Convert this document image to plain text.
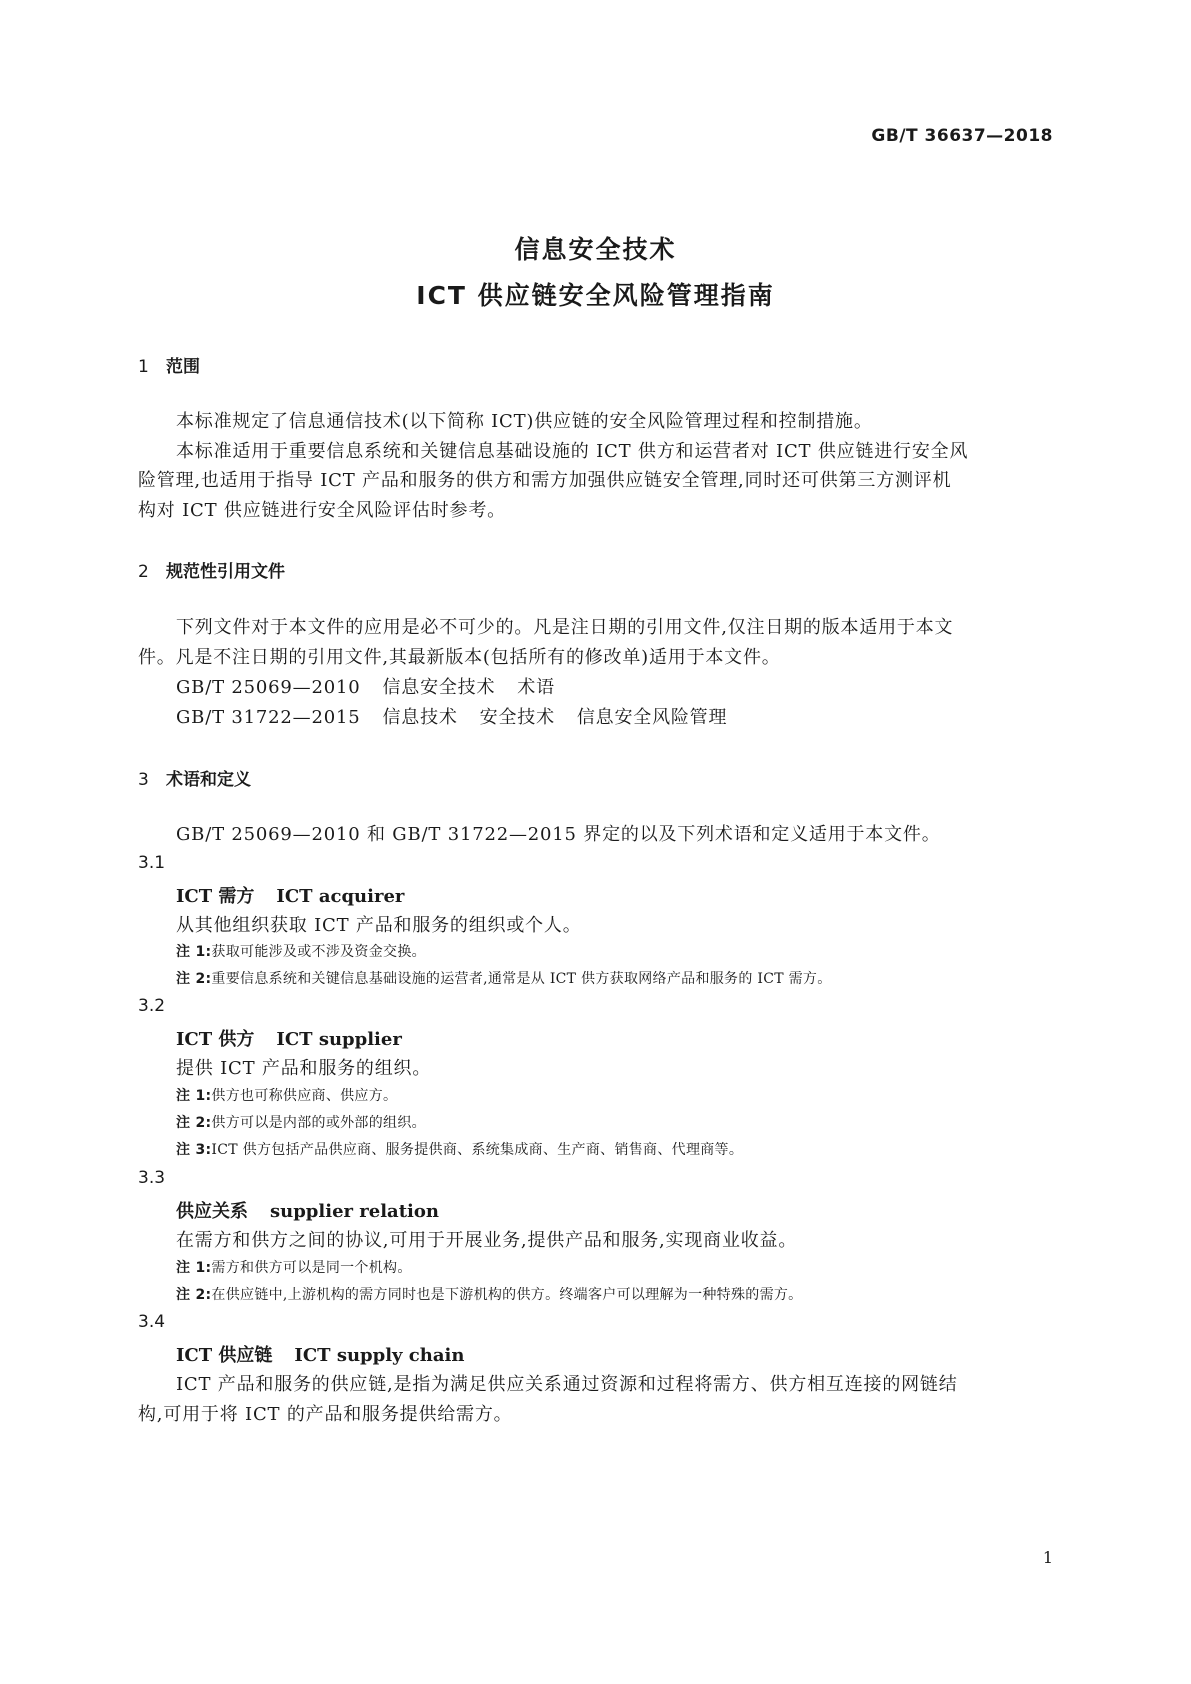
GB/T 36637—2018
信息安全技术
ICT 供应链安全风险管理指南
1 范围
本标准规定了信息通信技术(以下简称 ICT)供应链的安全风险管理过程和控制措施。
本标准适用于重要信息系统和关键信息基础设施的 ICT 供方和运营者对 ICT 供应链进行安全风
险管理,也适用于指导 ICT 产品和服务的供方和需方加强供应链安全管理,同时还可供第三方测评机
构对 ICT 供应链进行安全风险评估时参考。
2 规范性引用文件
下列文件对于本文件的应用是必不可少的。凡是注日期的引用文件,仅注日期的版本适用于本文
件。凡是不注日期的引用文件,其最新版本(包括所有的修改单)适用于本文件。
GB/T 25069—2010 信息安全技术 术语
GB/T 31722—2015 信息技术 安全技术 信息安全风险管理
3 术语和定义
GB/T 25069—2010 和 GB/T 31722—2015 界定的以及下列术语和定义适用于本文件。
3.1
ICT 需方 ICT acquirer
从其他组织获取 ICT 产品和服务的组织或个人。
注 1:获取可能涉及或不涉及资金交换。
注 2:重要信息系统和关键信息基础设施的运营者,通常是从 ICT 供方获取网络产品和服务的 ICT 需方。
3.2
ICT 供方 ICT supplier
提供 ICT 产品和服务的组织。
注 1:供方也可称供应商、供应方。
注 2:供方可以是内部的或外部的组织。
注 3:ICT 供方包括产品供应商、服务提供商、系统集成商、生产商、销售商、代理商等。
3.3
供应关系 supplier relation
在需方和供方之间的协议,可用于开展业务,提供产品和服务,实现商业收益。
注 1:需方和供方可以是同一个机构。
注 2:在供应链中,上游机构的需方同时也是下游机构的供方。终端客户可以理解为一种特殊的需方。
3.4
ICT 供应链 ICT supply chain
ICT 产品和服务的供应链,是指为满足供应关系通过资源和过程将需方、供方相互连接的网链结
构,可用于将 ICT 的产品和服务提供给需方。
1
